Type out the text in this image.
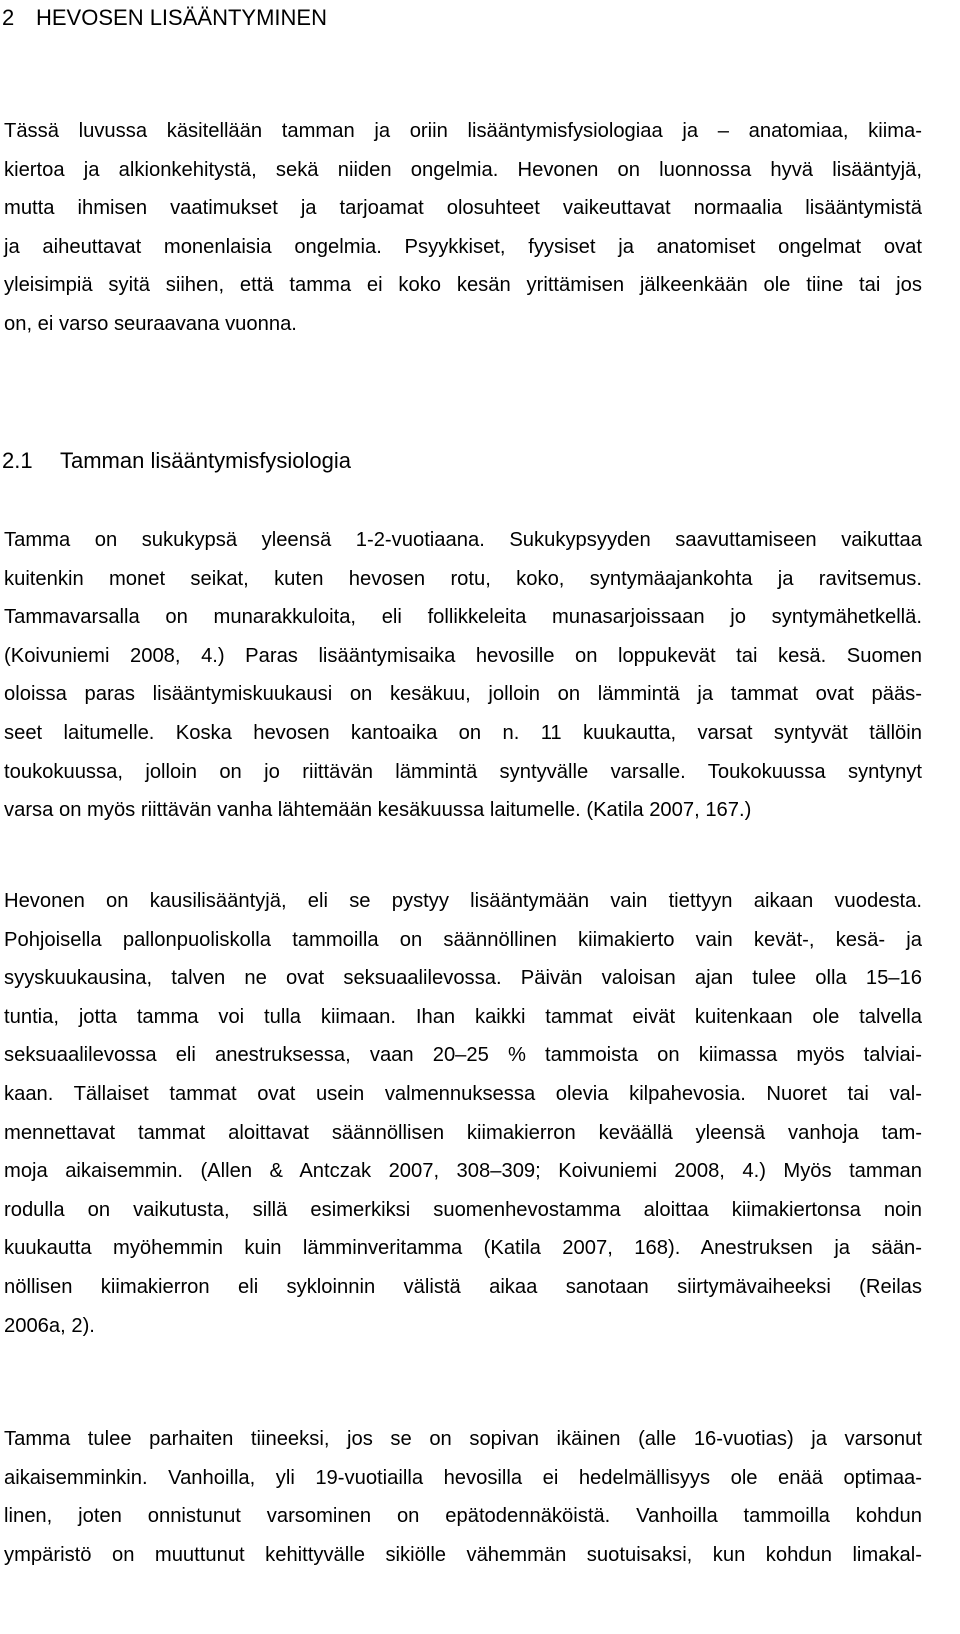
2 HEVOSEN LISÄÄNTYMINEN
Tässä luvussa käsitellään tamman ja oriin lisääntymisfysiologiaa ja – anatomiaa, kiima-
kiertoa ja alkionkehitystä, sekä niiden ongelmia. Hevonen on luonnossa hyvä lisääntyjä,
mutta ihmisen vaatimukset ja tarjoamat olosuhteet vaikeuttavat normaalia lisääntymistä
ja aiheuttavat monenlaisia ongelmia. Psyykkiset, fyysiset ja anatomiset ongelmat ovat
yleisimpiä syitä siihen, että tamma ei koko kesän yrittämisen jälkeenkään ole tiine tai jos
on, ei varso seuraavana vuonna.
2.1 Tamman lisääntymisfysiologia
Tamma on sukukypsä yleensä 1-2-vuotiaana. Sukukypsyyden saavuttamiseen vaikuttaa
kuitenkin monet seikat, kuten hevosen rotu, koko, syntymäajankohta ja ravitsemus.
Tammavarsalla on munarakkuloita, eli follikkeleita munasarjoissaan jo syntymähetkellä.
(Koivuniemi 2008, 4.) Paras lisääntymisaika hevosille on loppukevät tai kesä. Suomen
oloissa paras lisääntymiskuukausi on kesäkuu, jolloin on lämmintä ja tammat ovat pääs-
seet laitumelle. Koska hevosen kantoaika on n. 11 kuukautta, varsat syntyvät tällöin
toukokuussa, jolloin on jo riittävän lämmintä syntyvälle varsalle. Toukokuussa syntynyt
varsa on myös riittävän vanha lähtemään kesäkuussa laitumelle. (Katila 2007, 167.)
Hevonen on kausilisääntyjä, eli se pystyy lisääntymään vain tiettyyn aikaan vuodesta.
Pohjoisella pallonpuoliskolla tammoilla on säännöllinen kiimakierto vain kevät-, kesä- ja
syyskuukausina, talven ne ovat seksuaalilevossa. Päivän valoisan ajan tulee olla 15–16
tuntia, jotta tamma voi tulla kiimaan. Ihan kaikki tammat eivät kuitenkaan ole talvella
seksuaalilevossa eli anestruksessa, vaan 20–25 % tammoista on kiimassa myös talviai-
kaan. Tällaiset tammat ovat usein valmennuksessa olevia kilpahevosia. Nuoret tai val-
mennettavat tammat aloittavat säännöllisen kiimakierron keväällä yleensä vanhoja tam-
moja aikaisemmin. (Allen & Antczak 2007, 308–309; Koivuniemi 2008, 4.) Myös tamman
rodulla on vaikutusta, sillä esimerkiksi suomenhevostamma aloittaa kiimakiertonsa noin
kuukautta myöhemmin kuin lämminveritamma (Katila 2007, 168). Anestruksen ja sään-
nöllisen kiimakierron eli sykloinnin välistä aikaa sanotaan siirtymävaiheeksi (Reilas
2006a, 2).
Tamma tulee parhaiten tiineeksi, jos se on sopivan ikäinen (alle 16-vuotias) ja varsonut
aikaisemminkin. Vanhoilla, yli 19-vuotiailla hevosilla ei hedelmällisyys ole enää optimaa-
linen, joten onnistunut varsominen on epätodennäköistä. Vanhoilla tammoilla kohdun
ympäristö on muuttunut kehittyvälle sikiölle vähemmän suotuisaksi, kun kohdun limakal-
